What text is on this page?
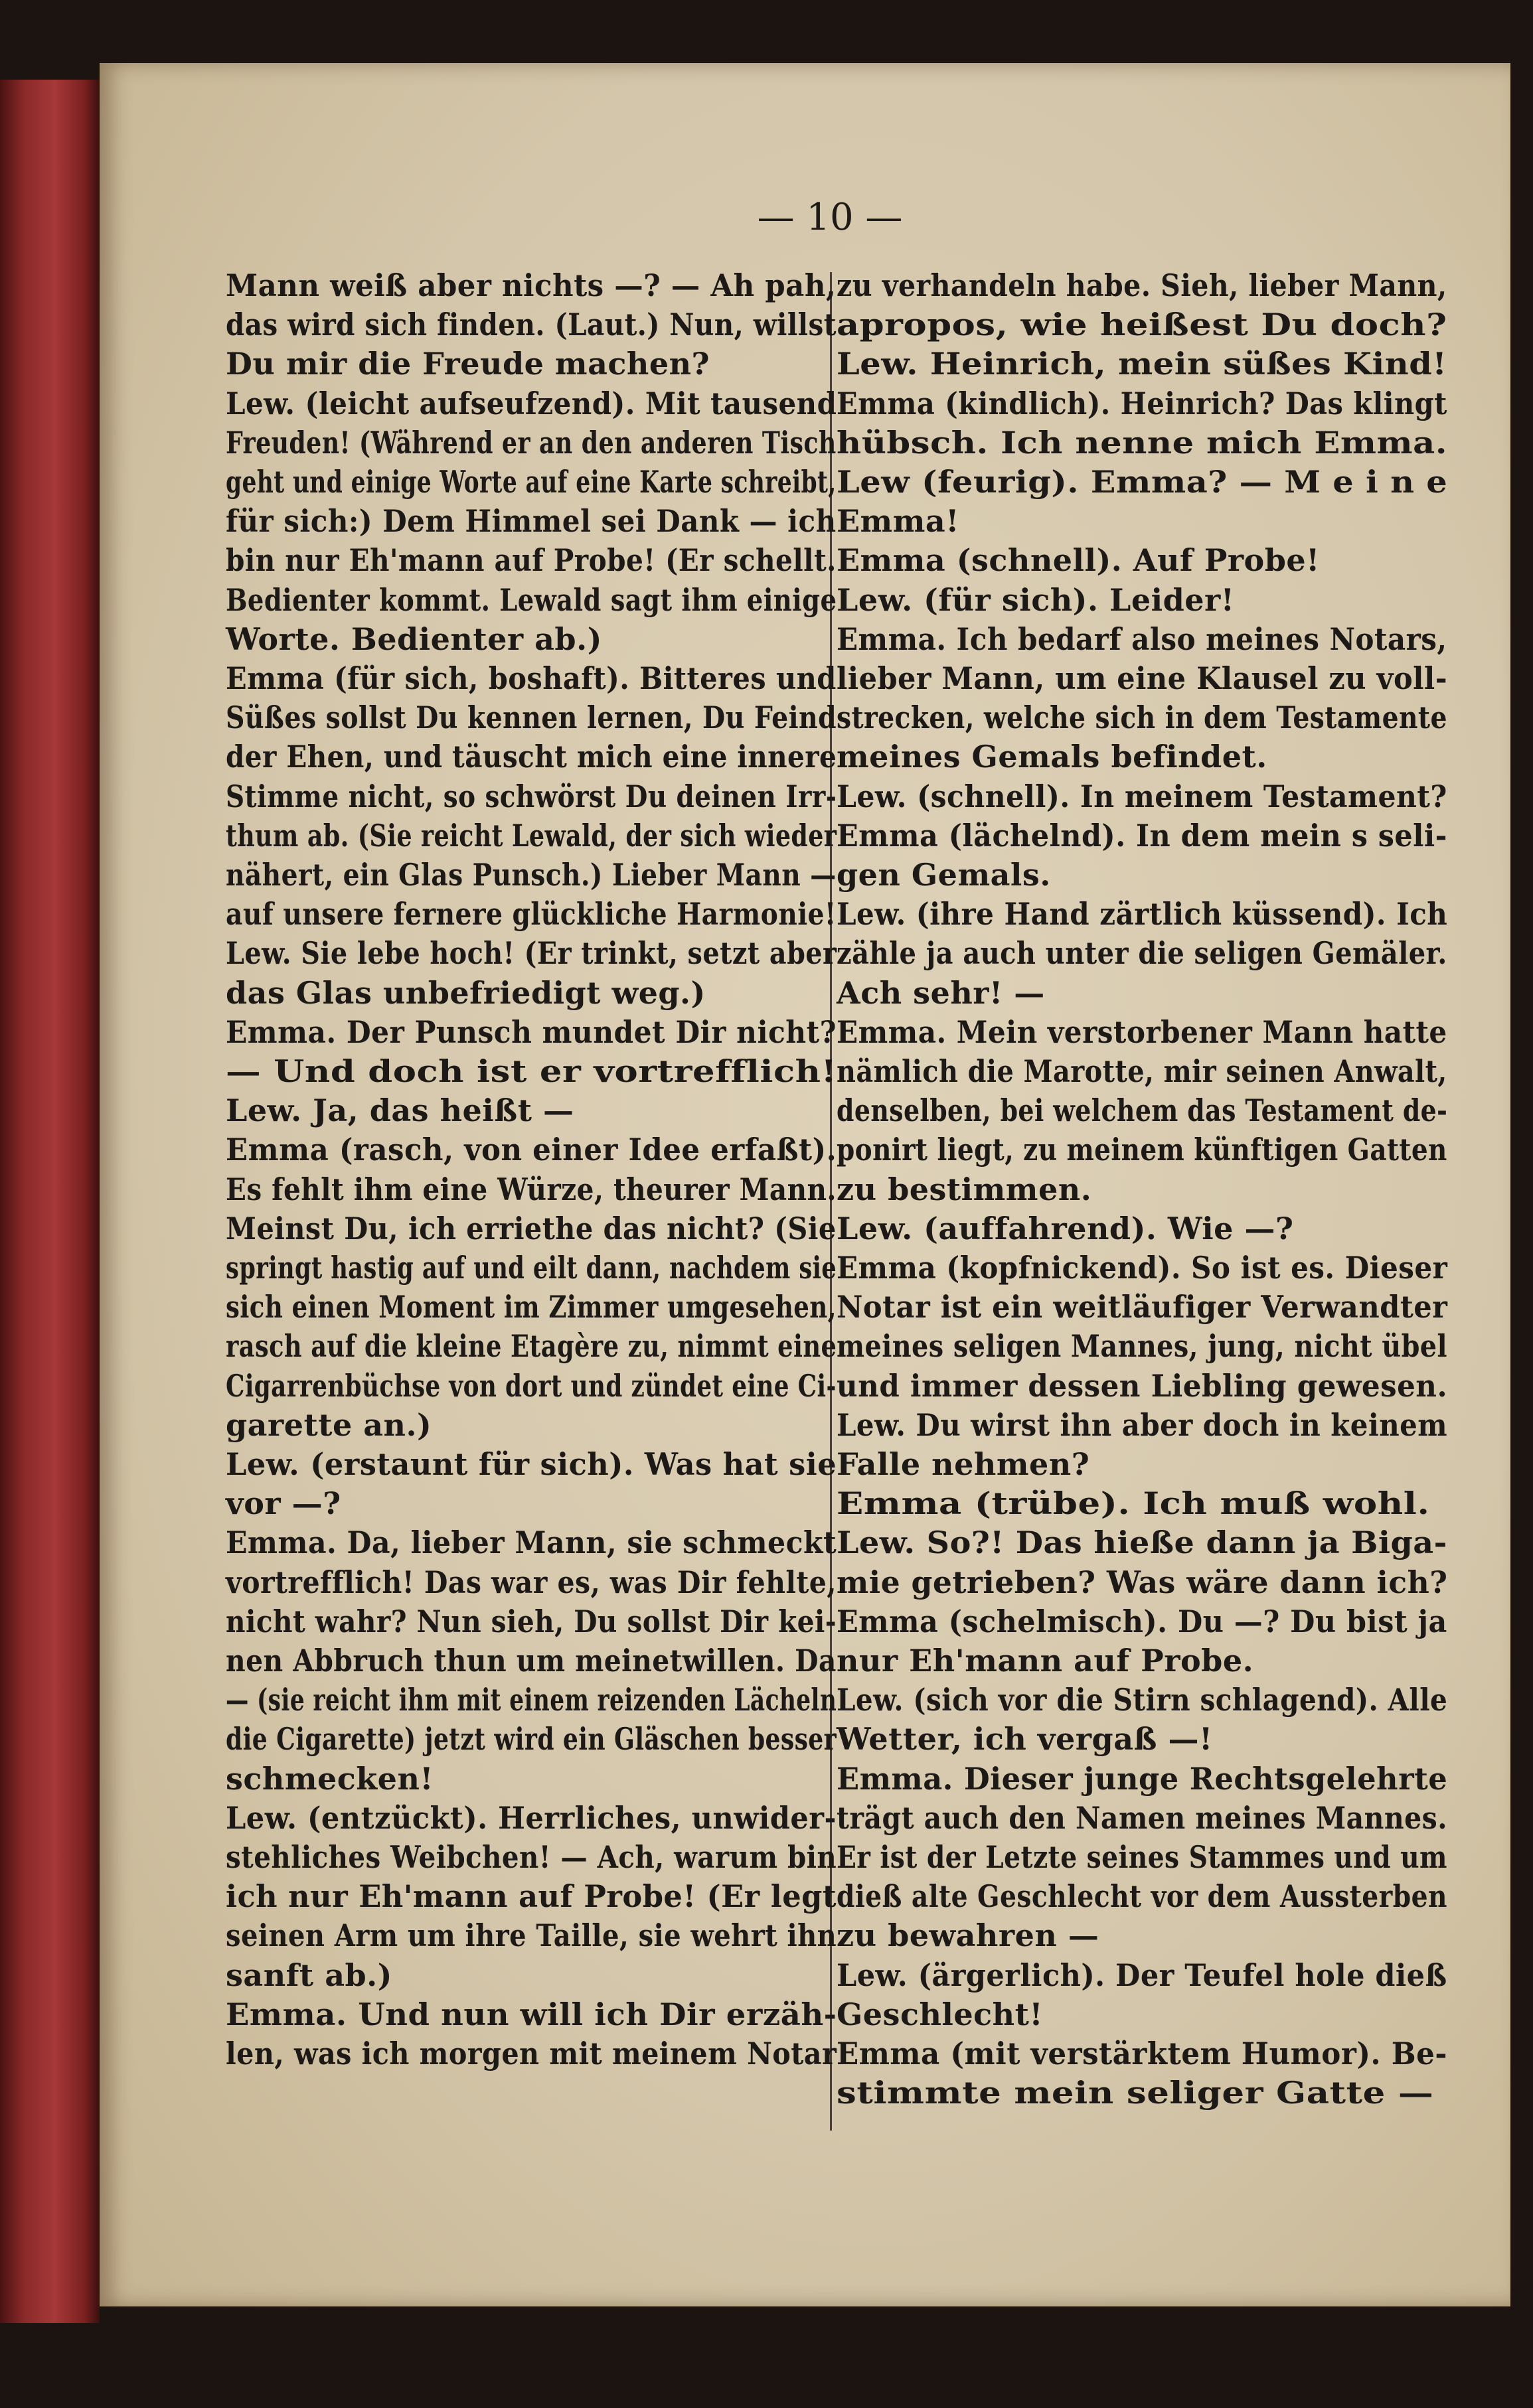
— 10 —
Mann weiß aber nichts —? — Ah pah,
das wird sich finden. (Laut.) Nun, willst
Du mir die Freude machen?
Lew. (leicht aufseufzend). Mit tausend
Freuden! (Während er an den anderen Tisch
geht und einige Worte auf eine Karte schreibt,
für sich:) Dem Himmel sei Dank — ich
bin nur Eh'mann auf Probe! (Er schellt.
Bedienter kommt. Lewald sagt ihm einige
Worte. Bedienter ab.)
Emma (für sich, boshaft). Bitteres und
Süßes sollst Du kennen lernen, Du Feind
der Ehen, und täuscht mich eine innere
Stimme nicht, so schwörst Du deinen Irr-
thum ab. (Sie reicht Lewald, der sich wieder
nähert, ein Glas Punsch.) Lieber Mann —
auf unsere fernere glückliche Harmonie!
Lew. Sie lebe hoch! (Er trinkt, setzt aber
das Glas unbefriedigt weg.)
Emma. Der Punsch mundet Dir nicht?
— Und doch ist er vortrefflich!
Lew. Ja, das heißt —
Emma (rasch, von einer Idee erfaßt).
Es fehlt ihm eine Würze, theurer Mann.
Meinst Du, ich erriethe das nicht? (Sie
springt hastig auf und eilt dann, nachdem sie
sich einen Moment im Zimmer umgesehen,
rasch auf die kleine Etagère zu, nimmt eine
Cigarrenbüchse von dort und zündet eine Ci-
garette an.)
Lew. (erstaunt für sich). Was hat sie
vor —?
Emma. Da, lieber Mann, sie schmeckt
vortrefflich! Das war es, was Dir fehlte,
nicht wahr? Nun sieh, Du sollst Dir kei-
nen Abbruch thun um meinetwillen. Da
— (sie reicht ihm mit einem reizenden Lächeln
die Cigarette) jetzt wird ein Gläschen besser
schmecken!
Lew. (entzückt). Herrliches, unwider-
stehliches Weibchen! — Ach, warum bin
ich nur Eh'mann auf Probe! (Er legt
seinen Arm um ihre Taille, sie wehrt ihn
sanft ab.)
Emma. Und nun will ich Dir erzäh-
len, was ich morgen mit meinem Notar
zu verhandeln habe. Sieh, lieber Mann,
apropos, wie heißest Du doch?
Lew. Heinrich, mein süßes Kind!
Emma (kindlich). Heinrich? Das klingt
hübsch. Ich nenne mich Emma.
Lew (feurig). Emma? — M e i n e
Emma!
Emma (schnell). Auf Probe!
Lew. (für sich). Leider!
Emma. Ich bedarf also meines Notars,
lieber Mann, um eine Klausel zu voll-
strecken, welche sich in dem Testamente
meines Gemals befindet.
Lew. (schnell). In meinem Testament?
Emma (lächelnd). In dem mein s seli-
gen Gemals.
Lew. (ihre Hand zärtlich küssend). Ich
zähle ja auch unter die seligen Gemäler.
Ach sehr! —
Emma. Mein verstorbener Mann hatte
nämlich die Marotte, mir seinen Anwalt,
denselben, bei welchem das Testament de-
ponirt liegt, zu meinem künftigen Gatten
zu bestimmen.
Lew. (auffahrend). Wie —?
Emma (kopfnickend). So ist es. Dieser
Notar ist ein weitläufiger Verwandter
meines seligen Mannes, jung, nicht übel
und immer dessen Liebling gewesen.
Lew. Du wirst ihn aber doch in keinem
Falle nehmen?
Emma (trübe). Ich muß wohl.
Lew. So?! Das hieße dann ja Biga-
mie getrieben? Was wäre dann ich?
Emma (schelmisch). Du —? Du bist ja
nur Eh'mann auf Probe.
Lew. (sich vor die Stirn schlagend). Alle
Wetter, ich vergaß —!
Emma. Dieser junge Rechtsgelehrte
trägt auch den Namen meines Mannes.
Er ist der Letzte seines Stammes und um
dieß alte Geschlecht vor dem Aussterben
zu bewahren —
Lew. (ärgerlich). Der Teufel hole dieß
Geschlecht!
Emma (mit verstärktem Humor). Be-
stimmte mein seliger Gatte —
